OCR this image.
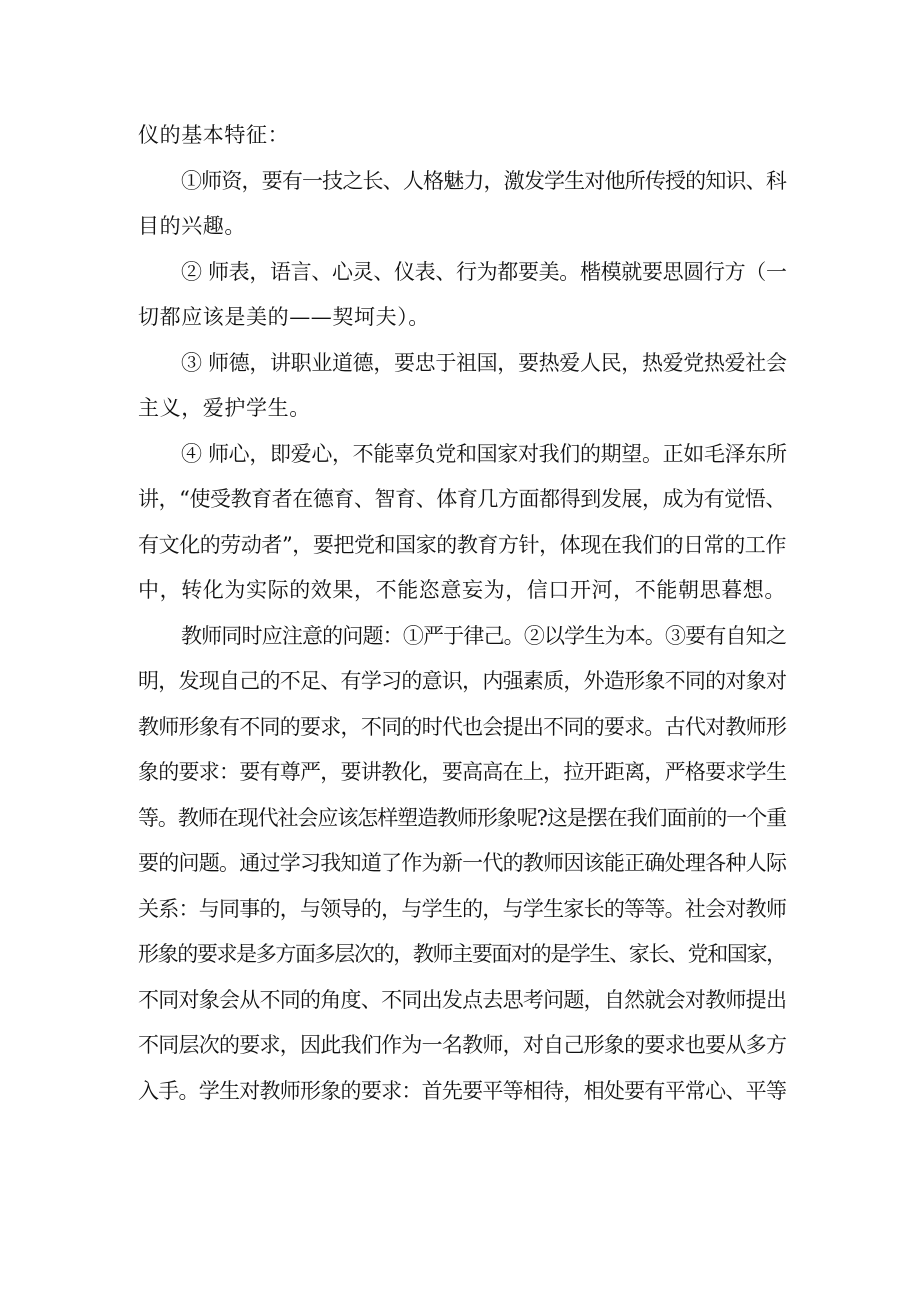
仪的基本特征：
①师资，要有一技之长、人格魅力，激发学生对他所传授的知识、科
目的兴趣。
② 师表，语言、心灵、仪表、行为都要美。楷模就要思圆行方（一
切都应该是美的——契坷夫）。
③ 师德，讲职业道德，要忠于祖国，要热爱人民，热爱党热爱社会
主义，爱护学生。
④ 师心，即爱心，不能辜负党和国家对我们的期望。正如毛泽东所
讲，“使受教育者在德育、智育、体育几方面都得到发展，成为有觉悟、
有文化的劳动者”，要把党和国家的教育方针，体现在我们的日常的工作
中，转化为实际的效果，不能恣意妄为，信口开河，不能朝思暮想。
教师同时应注意的问题：①严于律己。②以学生为本。③要有自知之
明，发现自己的不足、有学习的意识，内强素质，外造形象不同的对象对
教师形象有不同的要求，不同的时代也会提出不同的要求。古代对教师形
象的要求：要有尊严，要讲教化，要高高在上，拉开距离，严格要求学生
等。教师在现代社会应该怎样塑造教师形象呢?这是摆在我们面前的一个重
要的问题。通过学习我知道了作为新一代的教师因该能正确处理各种人际
关系：与同事的，与领导的，与学生的，与学生家长的等等。社会对教师
形象的要求是多方面多层次的，教师主要面对的是学生、家长、党和国家，
不同对象会从不同的角度、不同出发点去思考问题，自然就会对教师提出
不同层次的要求，因此我们作为一名教师，对自己形象的要求也要从多方
入手。学生对教师形象的要求：首先要平等相待，相处要有平常心、平等
